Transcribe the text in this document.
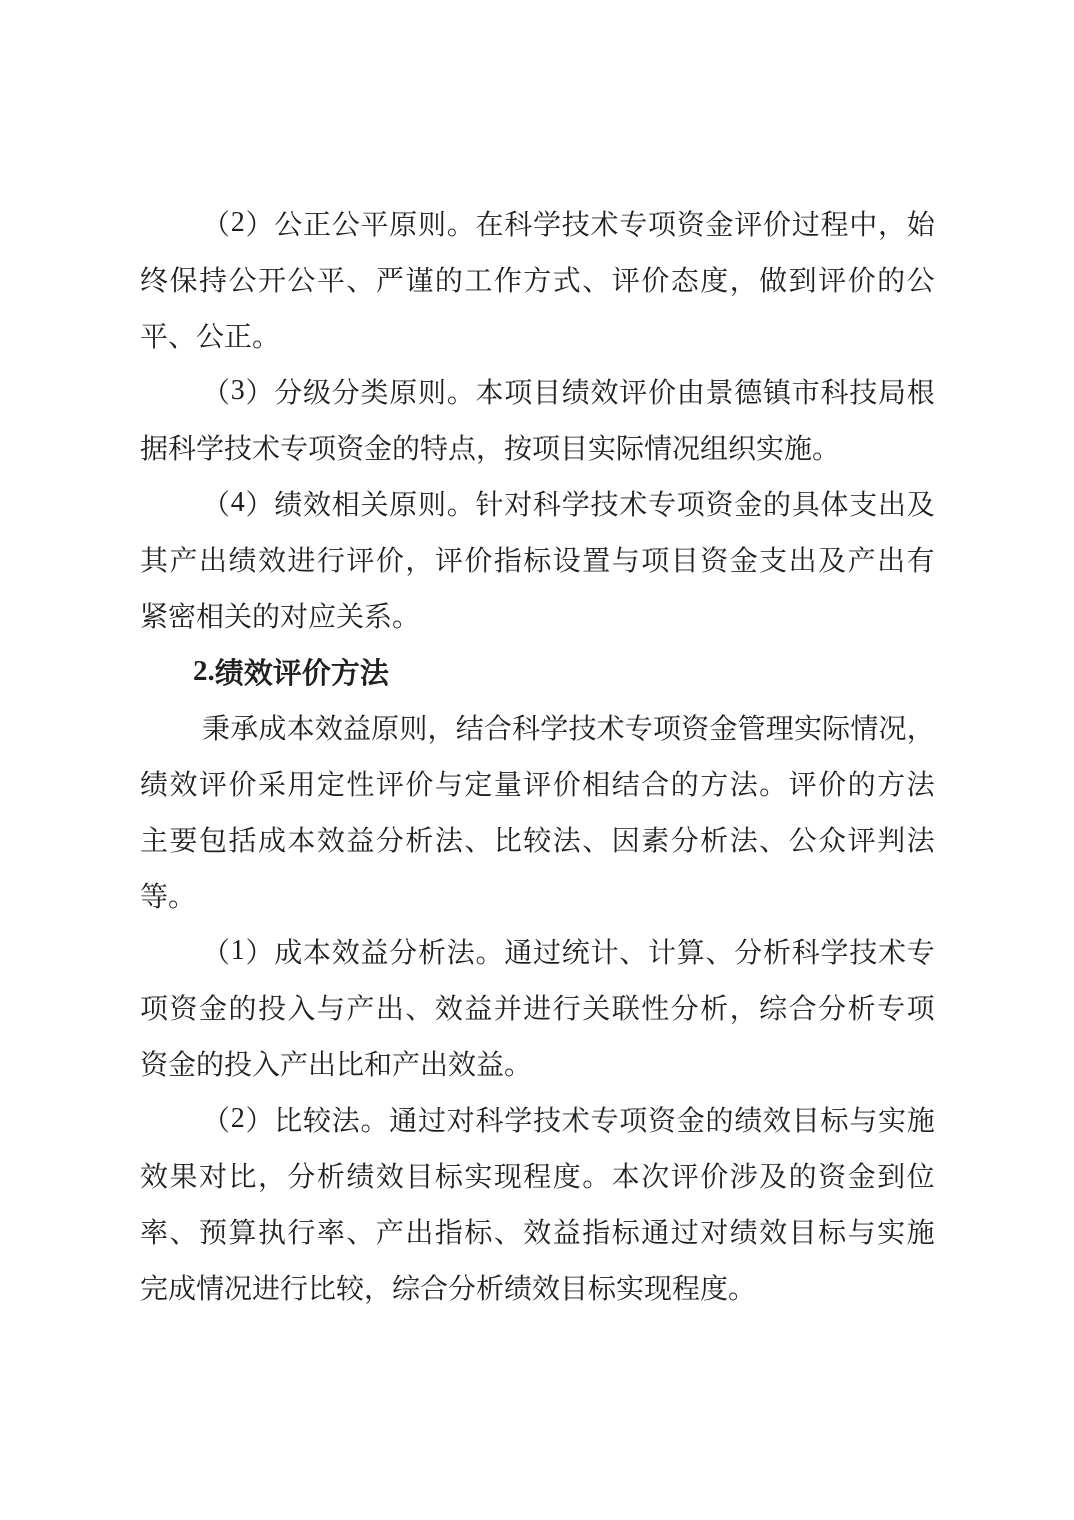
（ 2 ） 公 正 公 平 原 则 。 在 科 学 技 术 专 项 资 金 评 价 过 程 中 ， 始
终 保 持 公 开 公 平 、 严 谨 的 工 作 方 式 、 评 价 态 度 ， 做 到 评 价 的 公
平 、 公 正 。
（ 3 ） 分 级 分 类 原 则 。 本 项 目 绩 效 评 价 由 景 德 镇 市 科 技 局 根
据 科 学 技 术 专 项 资 金 的 特 点 ， 按 项 目 实 际 情 况 组 织 实 施 。
（ 4 ） 绩 效 相 关 原 则 。 针 对 科 学 技 术 专 项 资 金 的 具 体 支 出 及
其 产 出 绩 效 进 行 评 价 ， 评 价 指 标 设 置 与 项 目 资 金 支 出 及 产 出 有
紧 密 相 关 的 对 应 关 系 。
2 . 绩 效 评 价 方 法
秉 承 成 本 效 益 原 则 ， 结 合 科 学 技 术 专 项 资 金 管 理 实 际 情 况 ，
绩 效 评 价 采 用 定 性 评 价 与 定 量 评 价 相 结 合 的 方 法 。 评 价 的 方 法
主 要 包 括 成 本 效 益 分 析 法 、 比 较 法 、 因 素 分 析 法 、 公 众 评 判 法
等 。
（ 1 ） 成 本 效 益 分 析 法 。 通 过 统 计 、 计 算 、 分 析 科 学 技 术 专
项 资 金 的 投 入 与 产 出 、 效 益 并 进 行 关 联 性 分 析 ， 综 合 分 析 专 项
资 金 的 投 入 产 出 比 和 产 出 效 益 。
（ 2 ） 比 较 法 。 通 过 对 科 学 技 术 专 项 资 金 的 绩 效 目 标 与 实 施
效 果 对 比 ， 分 析 绩 效 目 标 实 现 程 度 。 本 次 评 价 涉 及 的 资 金 到 位
率 、 预 算 执 行 率 、 产 出 指 标 、 效 益 指 标 通 过 对 绩 效 目 标 与 实 施
完 成 情 况 进 行 比 较 ， 综 合 分 析 绩 效 目 标 实 现 程 度 。
